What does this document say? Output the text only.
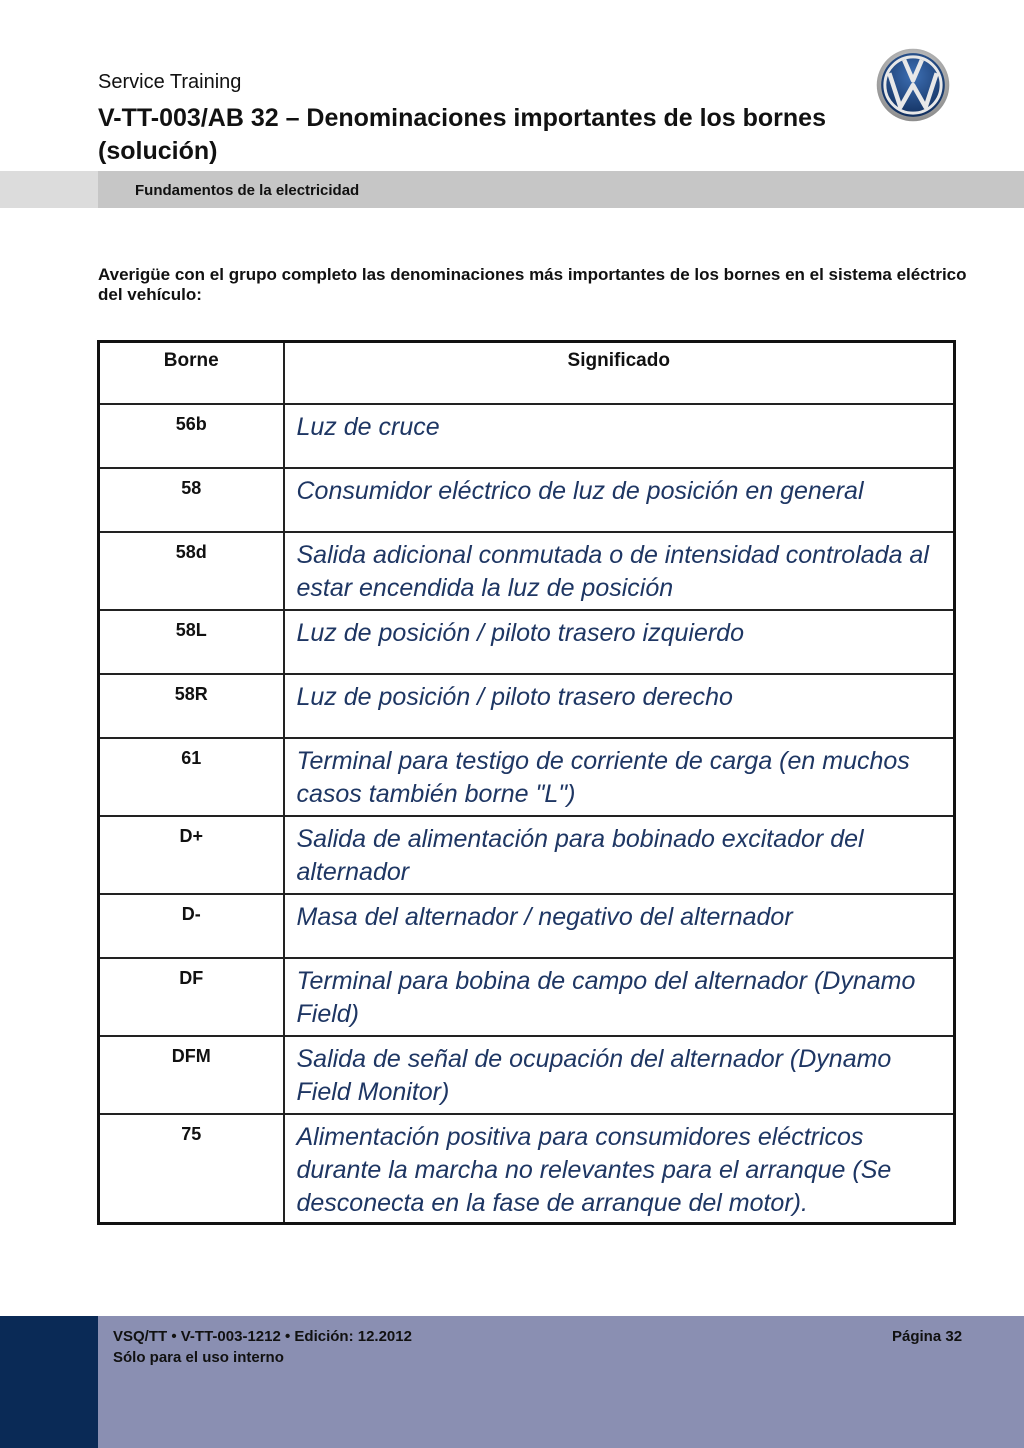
Service Training
V-TT-003/AB 32 – Denominaciones importantes de los bornes (solución)
Fundamentos de la electricidad
Averigüe con el grupo completo las denominaciones más importantes de los bornes en el sistema eléctrico del vehículo:
Borne	Significado
56b	Luz de cruce
58	Consumidor eléctrico de luz de posición en general
58d	Salida adicional conmutada o de intensidad controlada al estar encendida la luz de posición
58L	Luz de posición / piloto trasero izquierdo
58R	Luz de posición / piloto trasero derecho
61	Terminal para testigo de corriente de carga (en muchos casos también borne "L")
D+	Salida de alimentación para bobinado excitador del alternador
D-	Masa del alternador / negativo del alternador
DF	Terminal para bobina de campo del alternador (Dynamo Field)
DFM	Salida de señal de ocupación del alternador (Dynamo Field Monitor)
75	Alimentación positiva para consumidores eléctricos durante la marcha no relevantes para el arranque (Se desconecta en la fase de arranque del motor).
VSQ/TT • V-TT-003-1212 • Edición: 12.2012
Sólo para el uso interno
Página 32
